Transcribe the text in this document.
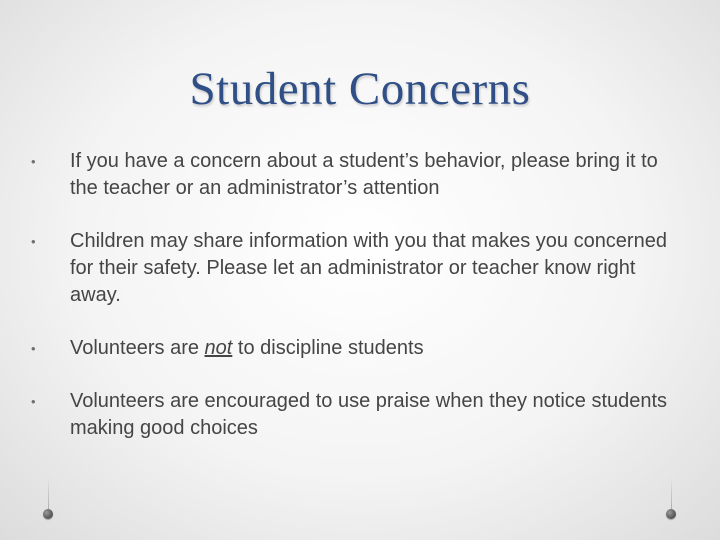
Student Concerns
•	If you have a concern about a student’s behavior, please bring it to the teacher or an administrator’s attention
•	Children may share information with you that makes you concerned for their safety. Please let an administrator or teacher know right away.
•	Volunteers are not to discipline students
•	Volunteers are encouraged to use praise when they notice students making good choices
